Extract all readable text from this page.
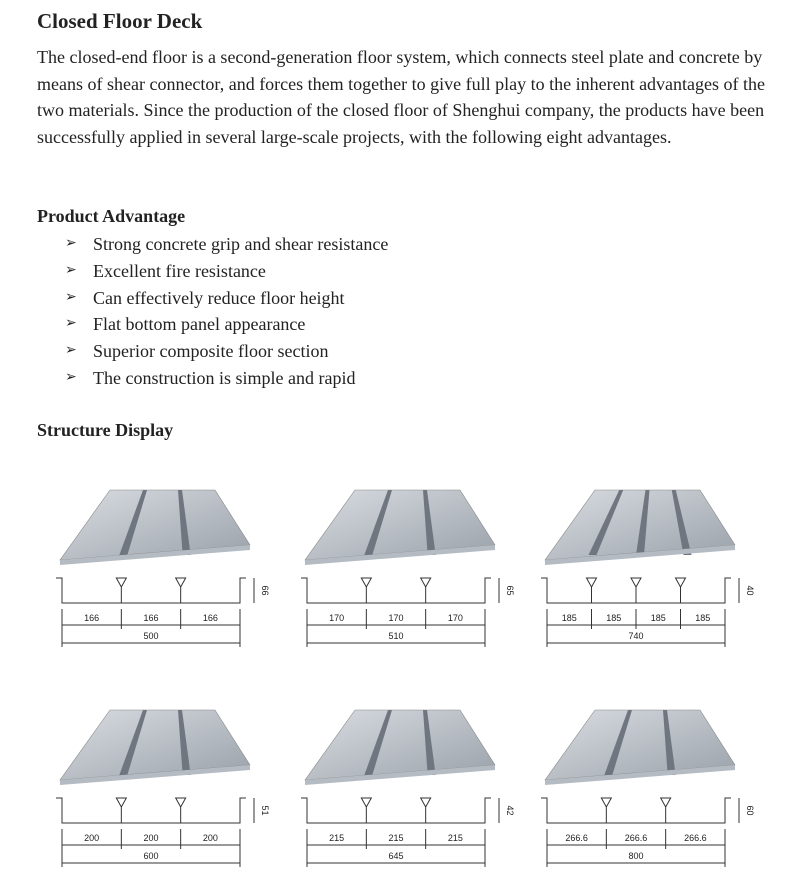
Closed Floor Deck

The closed-end floor is a second-generation floor system, which connects steel plate and concrete by means of shear connector, and forces them together to give full play to the inherent advantages of the two materials. Since the production of the closed floor of Shenghui company, the products have been successfully applied in several large-scale projects, with the following eight advantages.

Product Advantage
➢ Strong concrete grip and shear resistance
➢ Excellent fire resistance
➢ Can effectively reduce floor height
➢ Flat bottom panel appearance
➢ Superior composite floor section
➢ The construction is simple and rapid
Structure Display
166	166	166
500
66
170	170	170
510
65
185	185	185	185
740
40
200	200	200
600
51
215	215	215
645
42
266.6	266.6	266.6
800
60
